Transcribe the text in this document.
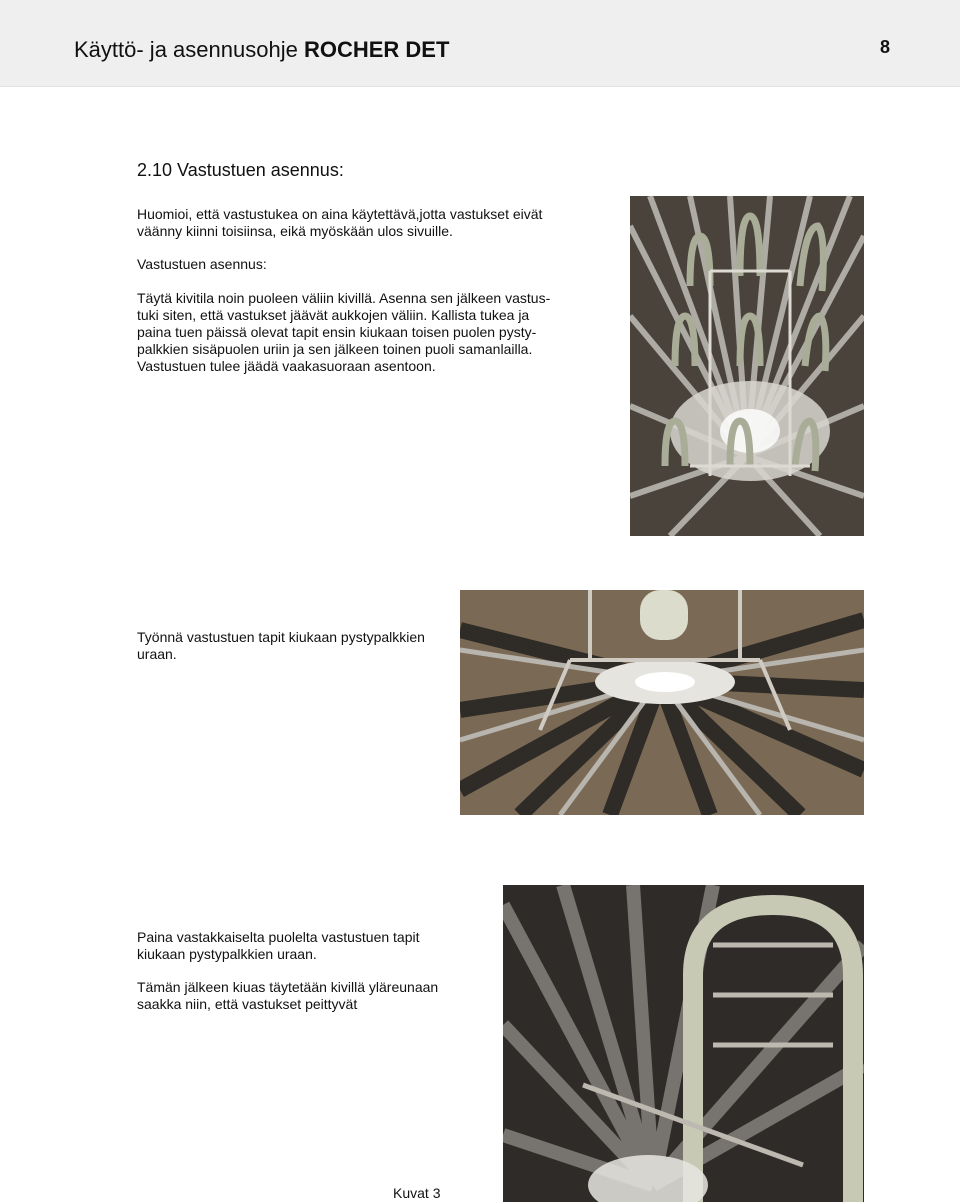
Käyttö- ja asennusohje ROCHER DET	8
2.10 Vastustuen asennus:

Huomioi, että vastustukea on aina käytettävä,jotta vastukset eivät
väänny kiinni toisiinsa, eikä myöskään ulos sivuille.

Vastustuen asennus:

Täytä kivitila noin puoleen väliin kivillä. Asenna sen jälkeen vastus-
tuki siten, että vastukset jäävät aukkojen väliin. Kallista tukea ja
paina tuen päissä olevat tapit ensin kiukaan toisen puolen pysty-
palkkien sisäpuolen uriin ja sen jälkeen toinen puoli samanlailla.
Vastustuen tulee jäädä vaakasuoraan asentoon.

Työnnä vastustuen tapit kiukaan pystypalkkien
uraan.

Paina vastakkaiselta puolelta vastustuen tapit
kiukaan pystypalkkien uraan.

Tämän jälkeen kiuas täytetään kivillä yläreunaan
saakka niin, että vastukset peittyvät

Kuvat 3
